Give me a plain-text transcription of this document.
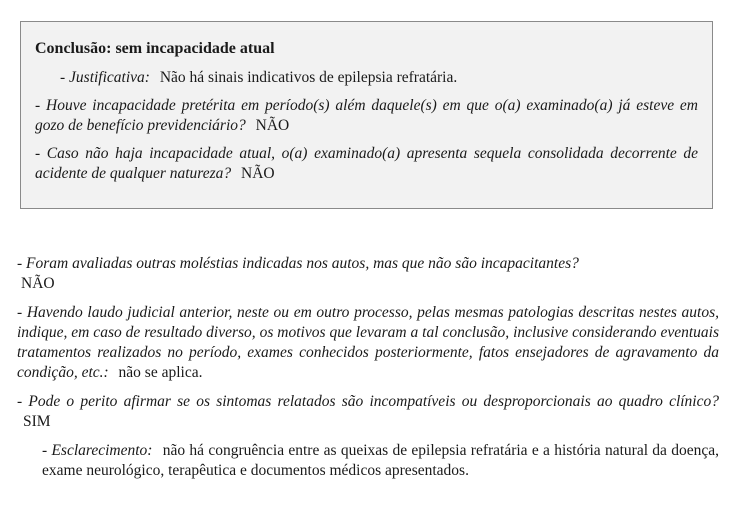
Conclusão: sem incapacidade atual
- Justificativa: Não há sinais indicativos de epilepsia refratária.
- Houve incapacidade pretérita em período(s) além daquele(s) em que o(a) examinado(a) já esteve em gozo de benefício previdenciário? NÃO
- Caso não haja incapacidade atual, o(a) examinado(a) apresenta sequela consolidada decorrente de acidente de qualquer natureza? NÃO
- Foram avaliadas outras moléstias indicadas nos autos, mas que não são incapacitantes?
NÃO
- Havendo laudo judicial anterior, neste ou em outro processo, pelas mesmas patologias descritas nestes autos, indique, em caso de resultado diverso, os motivos que levaram a tal conclusão, inclusive considerando eventuais tratamentos realizados no período, exames conhecidos posteriormente, fatos ensejadores de agravamento da condição, etc.: não se aplica.
- Pode o perito afirmar se os sintomas relatados são incompatíveis ou desproporcionais ao quadro clínico? SIM
- Esclarecimento: não há congruência entre as queixas de epilepsia refratária e a história natural da doença, exame neurológico, terapêutica e documentos médicos apresentados.
